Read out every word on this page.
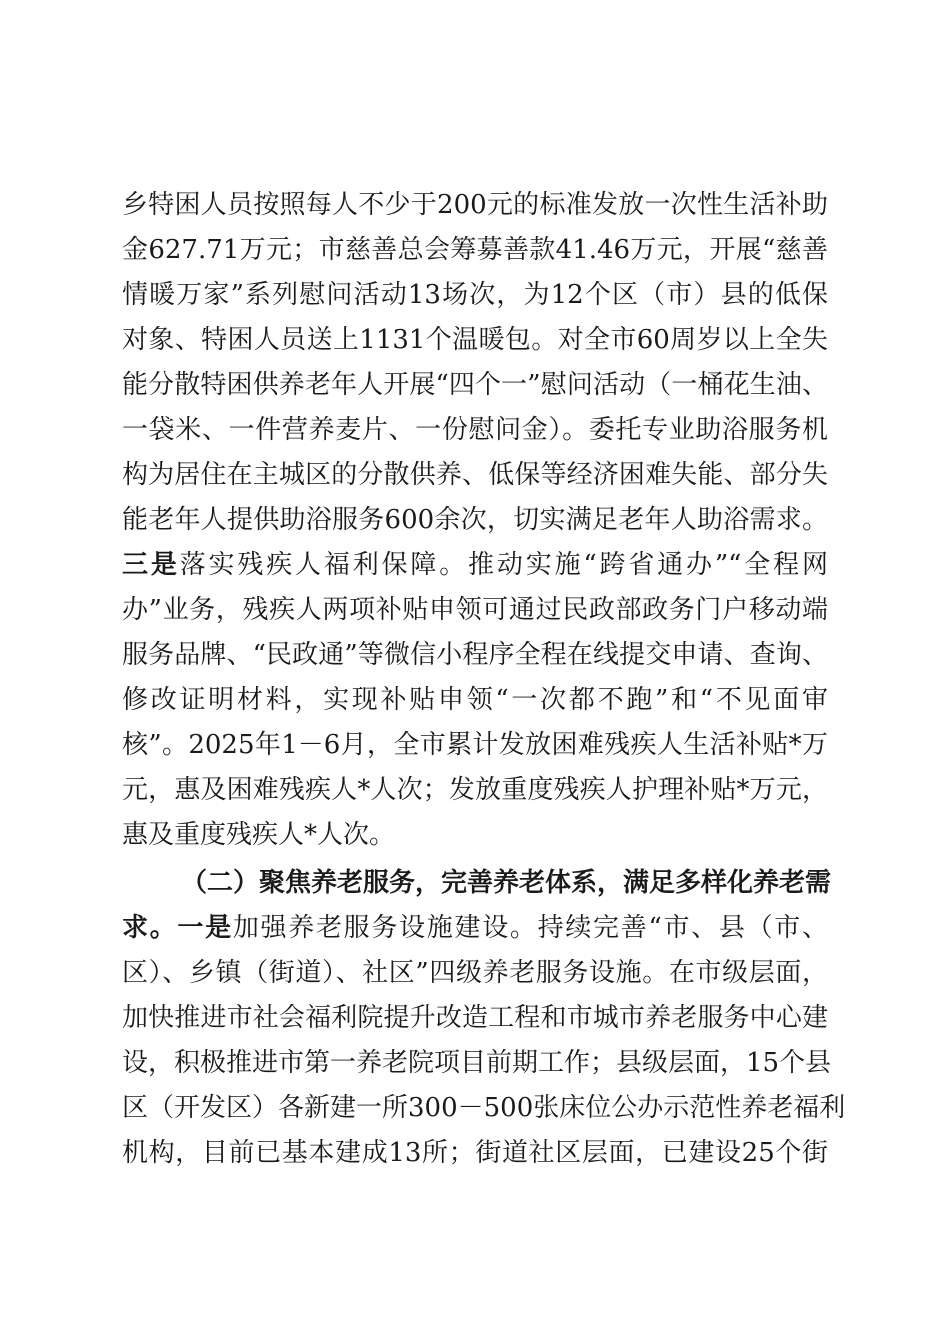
乡特困人员按照每人不少于200元的标准发放一次性生活补助
金627.71万元；市慈善总会筹募善款41.46万元，开展“慈善
情暖万家”系列慰问活动13场次，为12个区（市）县的低保
对象、特困人员送上1131个温暖包。对全市60周岁以上全失
能分散特困供养老年人开展“四个一”慰问活动（一桶花生油、
一袋米、一件营养麦片、一份慰问金）。委托专业助浴服务机
构为居住在主城区的分散供养、低保等经济困难失能、部分失
能老年人提供助浴服务600余次，切实满足老年人助浴需求。
三是落实残疾人福利保障。推动实施“跨省通办”“全程网
办”业务，残疾人两项补贴申领可通过民政部政务门户移动端
服务品牌、“民政通”等微信小程序全程在线提交申请、查询、
修改证明材料，实现补贴申领“一次都不跑”和“不见面审
核”。2025年1－6月，全市累计发放困难残疾人生活补贴*万
元，惠及困难残疾人*人次；发放重度残疾人护理补贴*万元，
惠及重度残疾人*人次。
（二）聚焦养老服务，完善养老体系，满足多样化养老需
求。一是加强养老服务设施建设。持续完善“市、县（市、
区）、乡镇（街道）、社区”四级养老服务设施。在市级层面，
加快推进市社会福利院提升改造工程和市城市养老服务中心建
设，积极推进市第一养老院项目前期工作；县级层面，15个县
区（开发区）各新建一所300－500张床位公办示范性养老福利
机构，目前已基本建成13所；街道社区层面，已建设25个街
